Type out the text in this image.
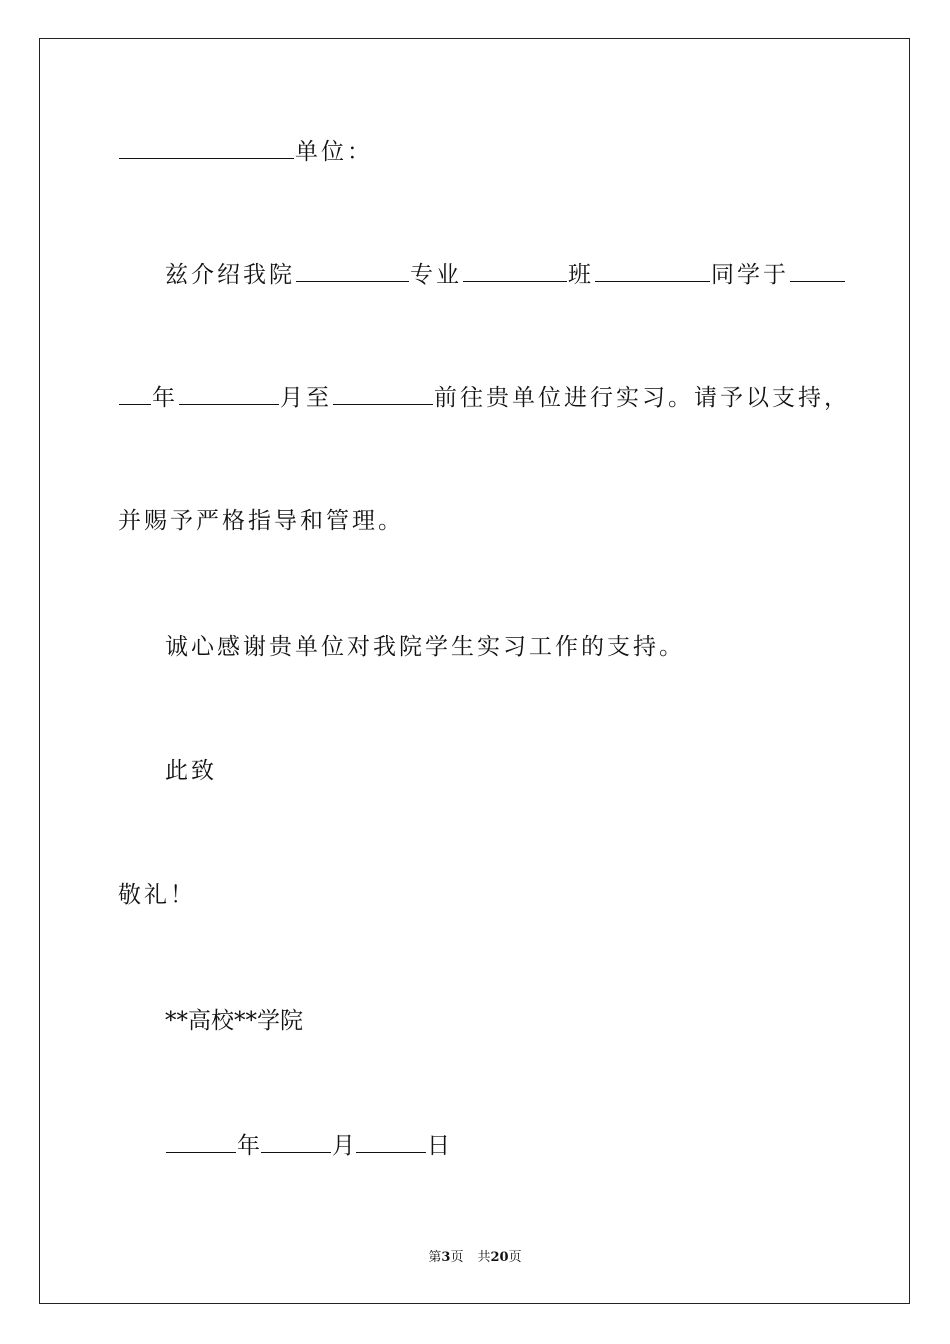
单位：
兹介绍我院	专业	班	同学于
年	月至	前往贵单位进行实习。请予以支持，
并赐予严格指导和管理。
诚心感谢贵单位对我院学生实习工作的支持。
此致
敬礼！
**高校**学院
年	月	日
第3页 共20页
